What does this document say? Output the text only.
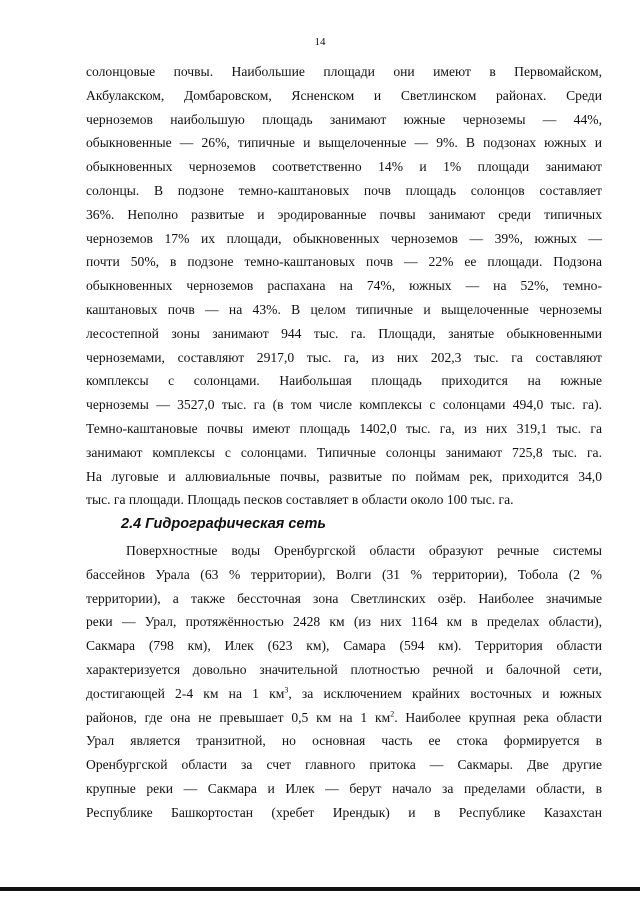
14
солонцовые почвы. Наибольшие площади они имеют в Первомайском,
Акбулакском, Домбаровском, Ясненском и Светлинском районах. Среди
черноземов наибольшую площадь занимают южные черноземы — 44%,
обыкновенные — 26%, типичные и выщелоченные — 9%. В подзонах южных и
обыкновенных черноземов соответственно 14% и 1% площади занимают
солонцы. В подзоне темно-каштановых почв площадь солонцов составляет
36%. Неполно развитые и эродированные почвы занимают среди типичных
черноземов 17% их площади, обыкновенных черноземов — 39%, южных —
почти 50%, в подзоне темно-каштановых почв — 22% ее площади. Подзона
обыкновенных черноземов распахана на 74%, южных — на 52%, темно-
каштановых почв — на 43%. В целом типичные и выщелоченные черноземы
лесостепной зоны занимают 944 тыс. га. Площади, занятые обыкновенными
черноземами, составляют 2917,0 тыс. га, из них 202,3 тыс. га составляют
комплексы с солонцами. Наибольшая площадь приходится на южные
черноземы — 3527,0 тыс. га (в том числе комплексы с солонцами 494,0 тыс. га).
Темно-каштановые почвы имеют площадь 1402,0 тыс. га, из них 319,1 тыс. га
занимают комплексы с солонцами. Типичные солонцы занимают 725,8 тыс. га.
На луговые и аллювиальные почвы, развитые по поймам рек, приходится 34,0
тыс. га площади. Площадь песков составляет в области около 100 тыс. га.
2.4 Гидрографическая сеть
Поверхностные воды Оренбургской области образуют речные системы
бассейнов Урала (63 % территории), Волги (31 % территории), Тобола (2 %
территории), а также бессточная зона Светлинских озёр. Наиболее значимые
реки — Урал, протяжённостью 2428 км (из них 1164 км в пределах области),
Сакмара (798 км), Илек (623 км), Самара (594 км). Территория области
характеризуется довольно значительной плотностью речной и балочной сети,
достигающей 2-4 км на 1 $км^3$, за исключением крайних восточных и южных
районов, где она не превышает 0,5 км на 1 $км^2$. Наиболее крупная река области
Урал является транзитной, но основная часть ее стока формируется в
Оренбургской области за счет главного притока — Сакмары. Две другие
крупные реки — Сакмара и Илек — берут начало за пределами области, в
Республике Башкортостан (хребет Ирендык) и в Республике Казахстан
